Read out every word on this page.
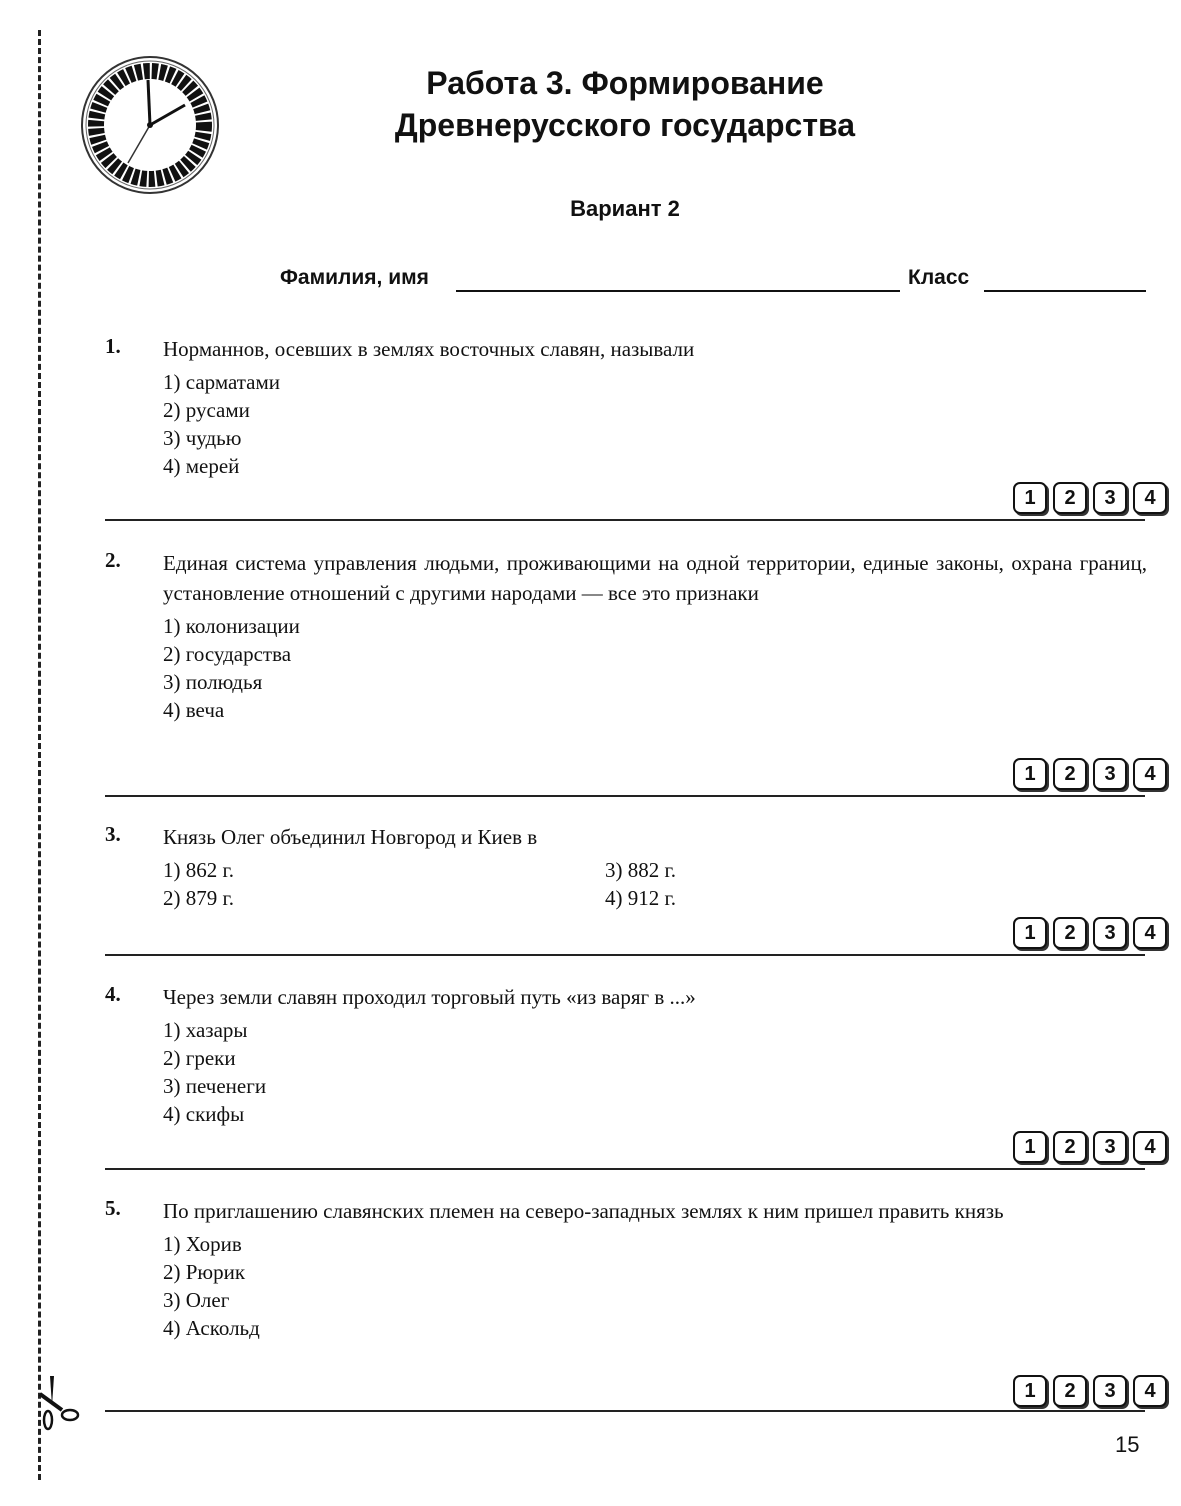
Работа 3. Формирование
Древнерусского государства
Вариант 2
Фамилия, имя	Класс
1. Норманнов, осевших в землях восточных славян, называли
1) сарматами
2) русами
3) чудью
4) мерей
1	2	3	4
2. Единая система управления людьми, проживающими на одной территории, единые законы, охрана границ, установление отношений с другими народами — все это признаки
1) колонизации
2) государства
3) полюдья
4) веча
1	2	3	4
3. Князь Олег объединил Новгород и Киев в
1) 862 г.	3) 882 г.
2) 879 г.	4) 912 г.
1	2	3	4
4. Через земли славян проходил торговый путь «из варяг в ...»
1) хазары
2) греки
3) печенеги
4) скифы
1	2	3	4
5. По приглашению славянских племен на северо-западных землях к ним пришел править князь
1) Хорив
2) Рюрик
3) Олег
4) Аскольд
1	2	3	4
15
